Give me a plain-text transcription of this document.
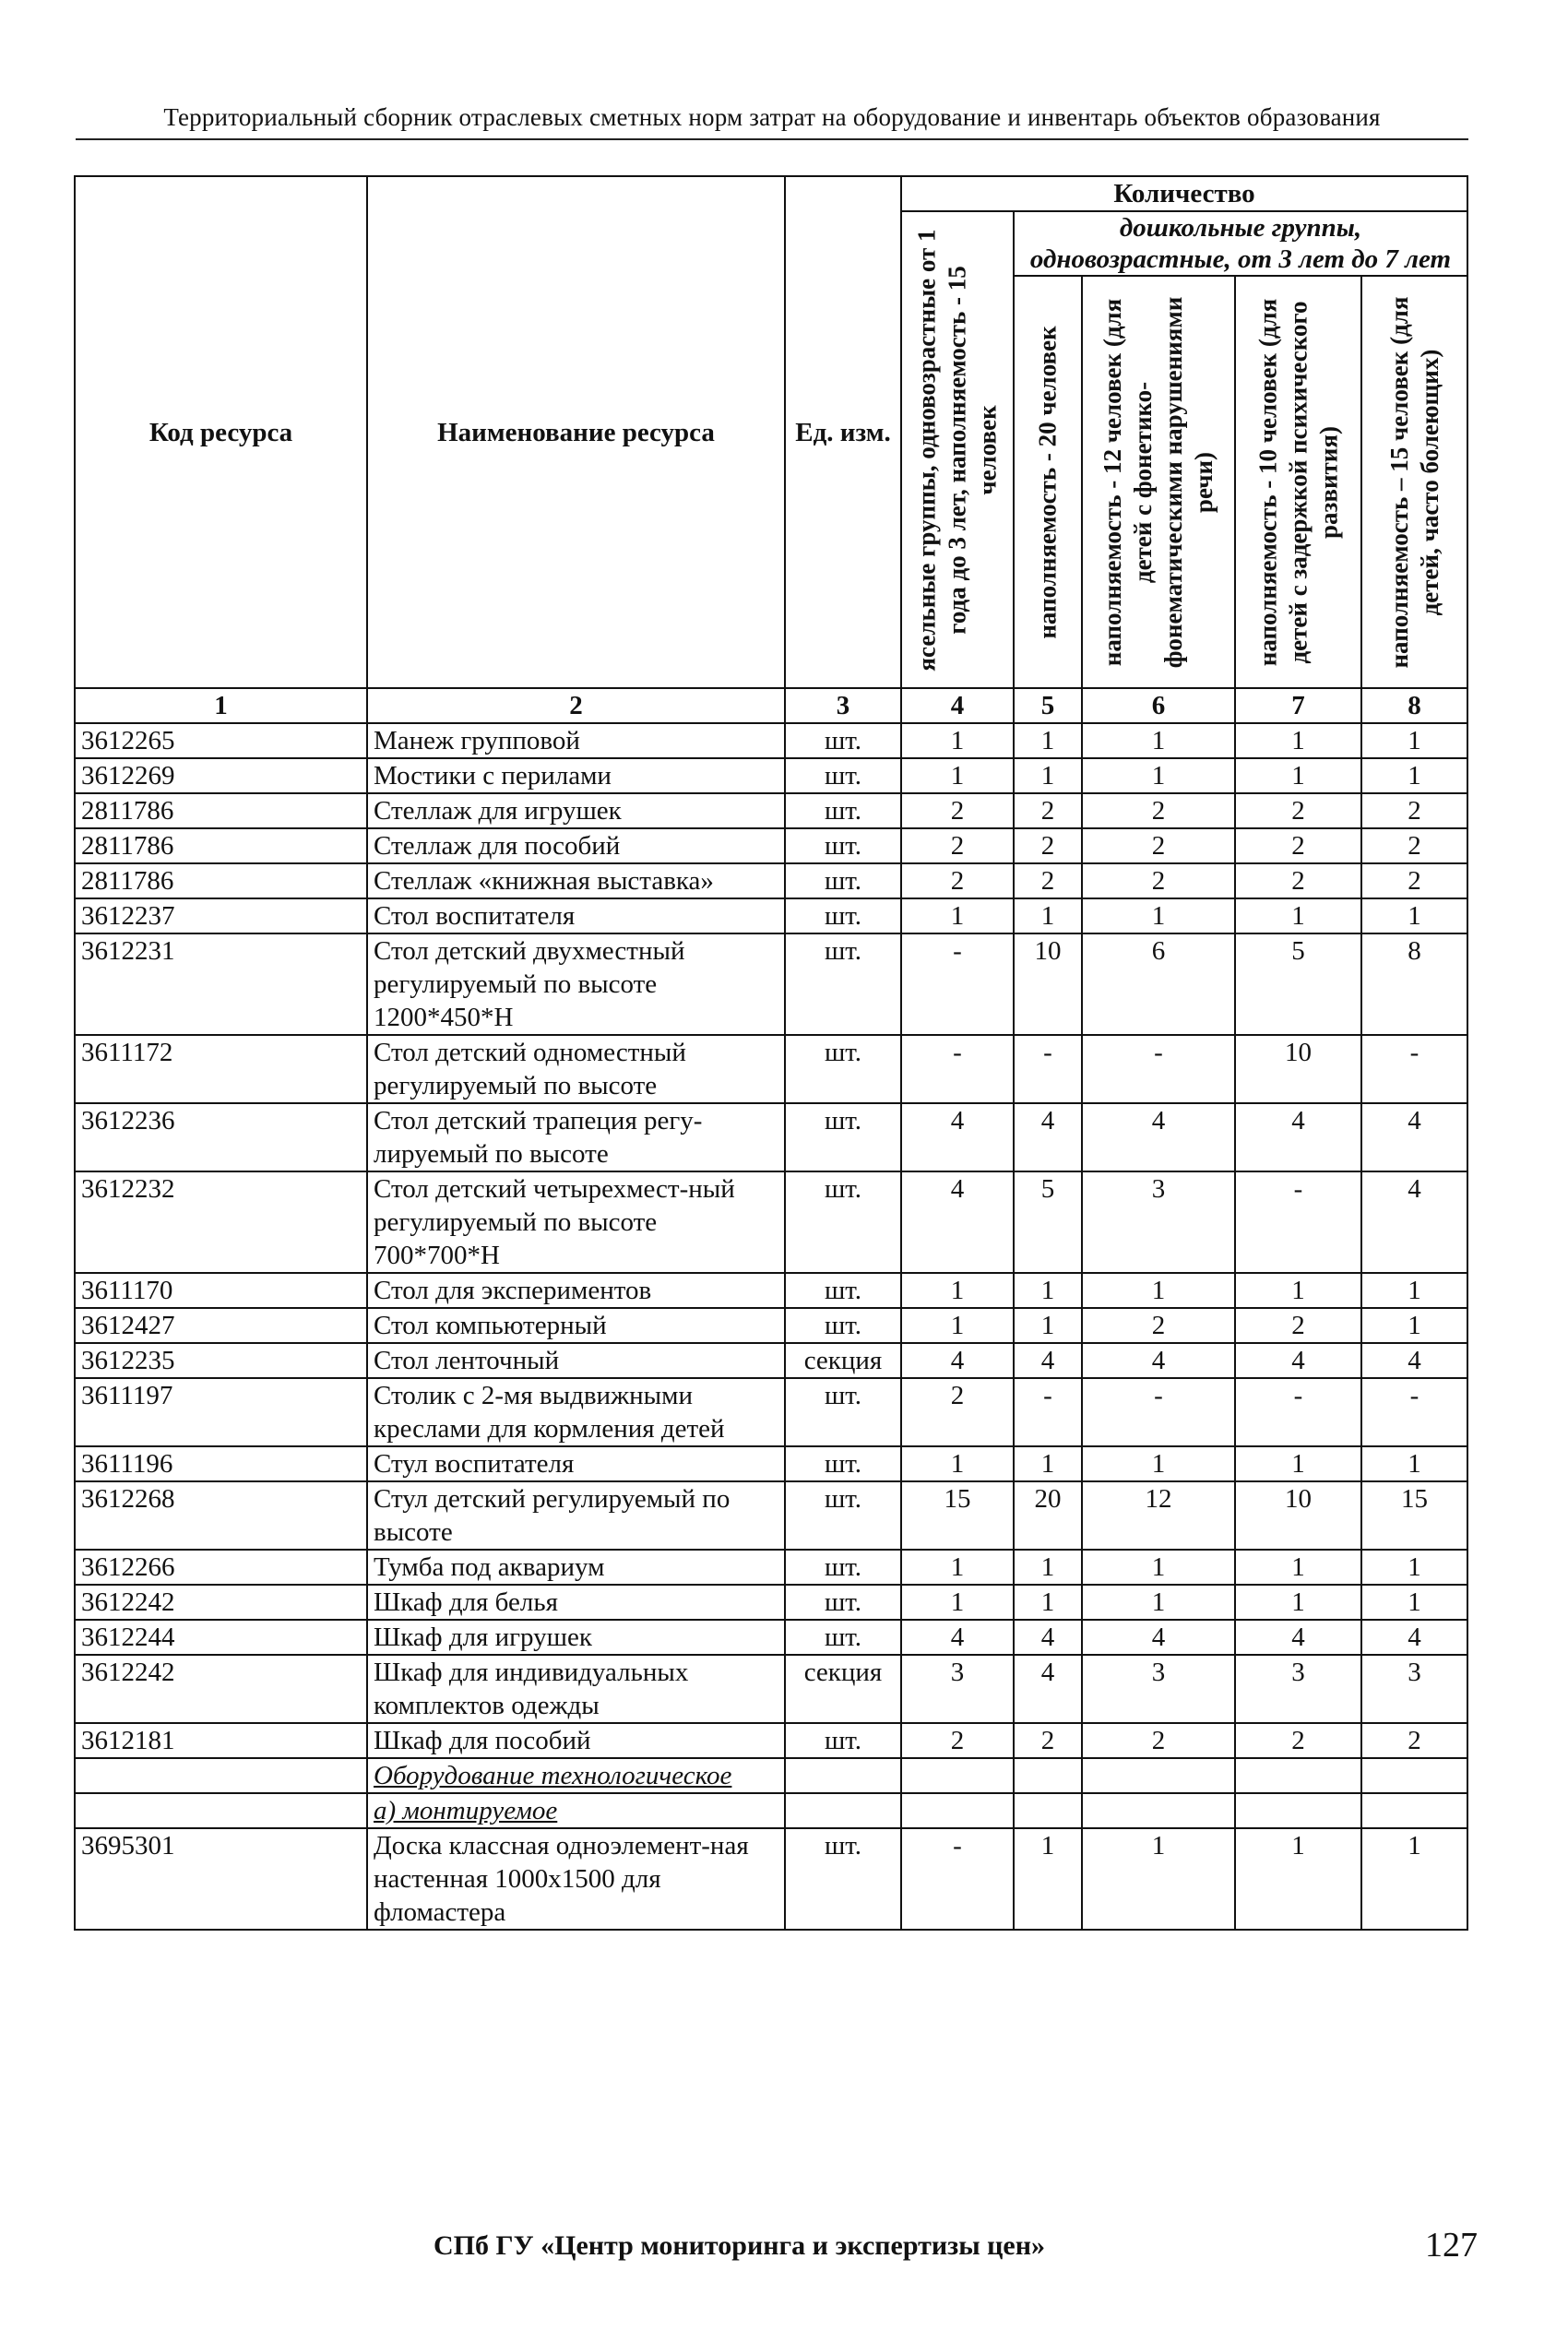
Территориальный сборник отраслевых сметных норм затрат на оборудование и инвентарь объектов образования
Код ресурса	Наименование ресурса	Ед. изм.	Количество				

			ясельные группы, одновозрастные от 1 года до 3 лет, наполняемость - 15 человек	дошкольные группы, одновозрастные, от 3 лет до 7 лет			

				наполняемость - 20 человек	наполняемость - 12 человек (для детей с фонетико-фонематическими нарушениями речи)	наполняемость - 10 человек (для детей с задержкой психического развития)	наполняемость – 15 человек (для детей, часто болеющих)

1	2	3	4	5	6	7	8
3612265	Манеж групповой	шт.	1	1	1	1	1
3612269	Мостики с перилами	шт.	1	1	1	1	1
2811786	Стеллаж для игрушек	шт.	2	2	2	2	2
2811786	Стеллаж для пособий	шт.	2	2	2	2	2
2811786	Стеллаж «книжная выставка»	шт.	2	2	2	2	2
3612237	Стол воспитателя	шт.	1	1	1	1	1
3612231	Стол детский двухместный регулируемый по высоте 1200*450*Н	шт.	-	10	6	5	8
3611172	Стол детский одноместный регулируемый по высоте	шт.	-	-	-	10	-
3612236	Стол детский трапеция регу-лируемый по высоте	шт.	4	4	4	4	4
3612232	Стол детский четырехмест-ный регулируемый по высоте 700*700*Н	шт.	4	5	3	-	4
3611170	Стол для экспериментов	шт.	1	1	1	1	1
3612427	Стол компьютерный	шт.	1	1	2	2	1
3612235	Стол ленточный	секция	4	4	4	4	4
3611197	Столик с 2-мя выдвижными креслами для кормления детей	шт.	2	-	-	-	-
3611196	Стул воспитателя	шт.	1	1	1	1	1
3612268	Стул детский регулируемый по высоте	шт.	15	20	12	10	15
3612266	Тумба под аквариум	шт.	1	1	1	1	1
3612242	Шкаф для белья	шт.	1	1	1	1	1
3612244	Шкаф для игрушек	шт.	4	4	4	4	4
3612242	Шкаф для индивидуальных комплектов одежды	секция	3	4	3	3	3
3612181	Шкаф для пособий	шт.	2	2	2	2	2
	Оборудование технологическое						
	а) монтируемое						
3695301	Доска классная одноэлемент-ная настенная 1000х1500 для фломастера	шт.	-	1	1	1	1
СПб ГУ «Центр мониторинга и экспертизы цен»	127
